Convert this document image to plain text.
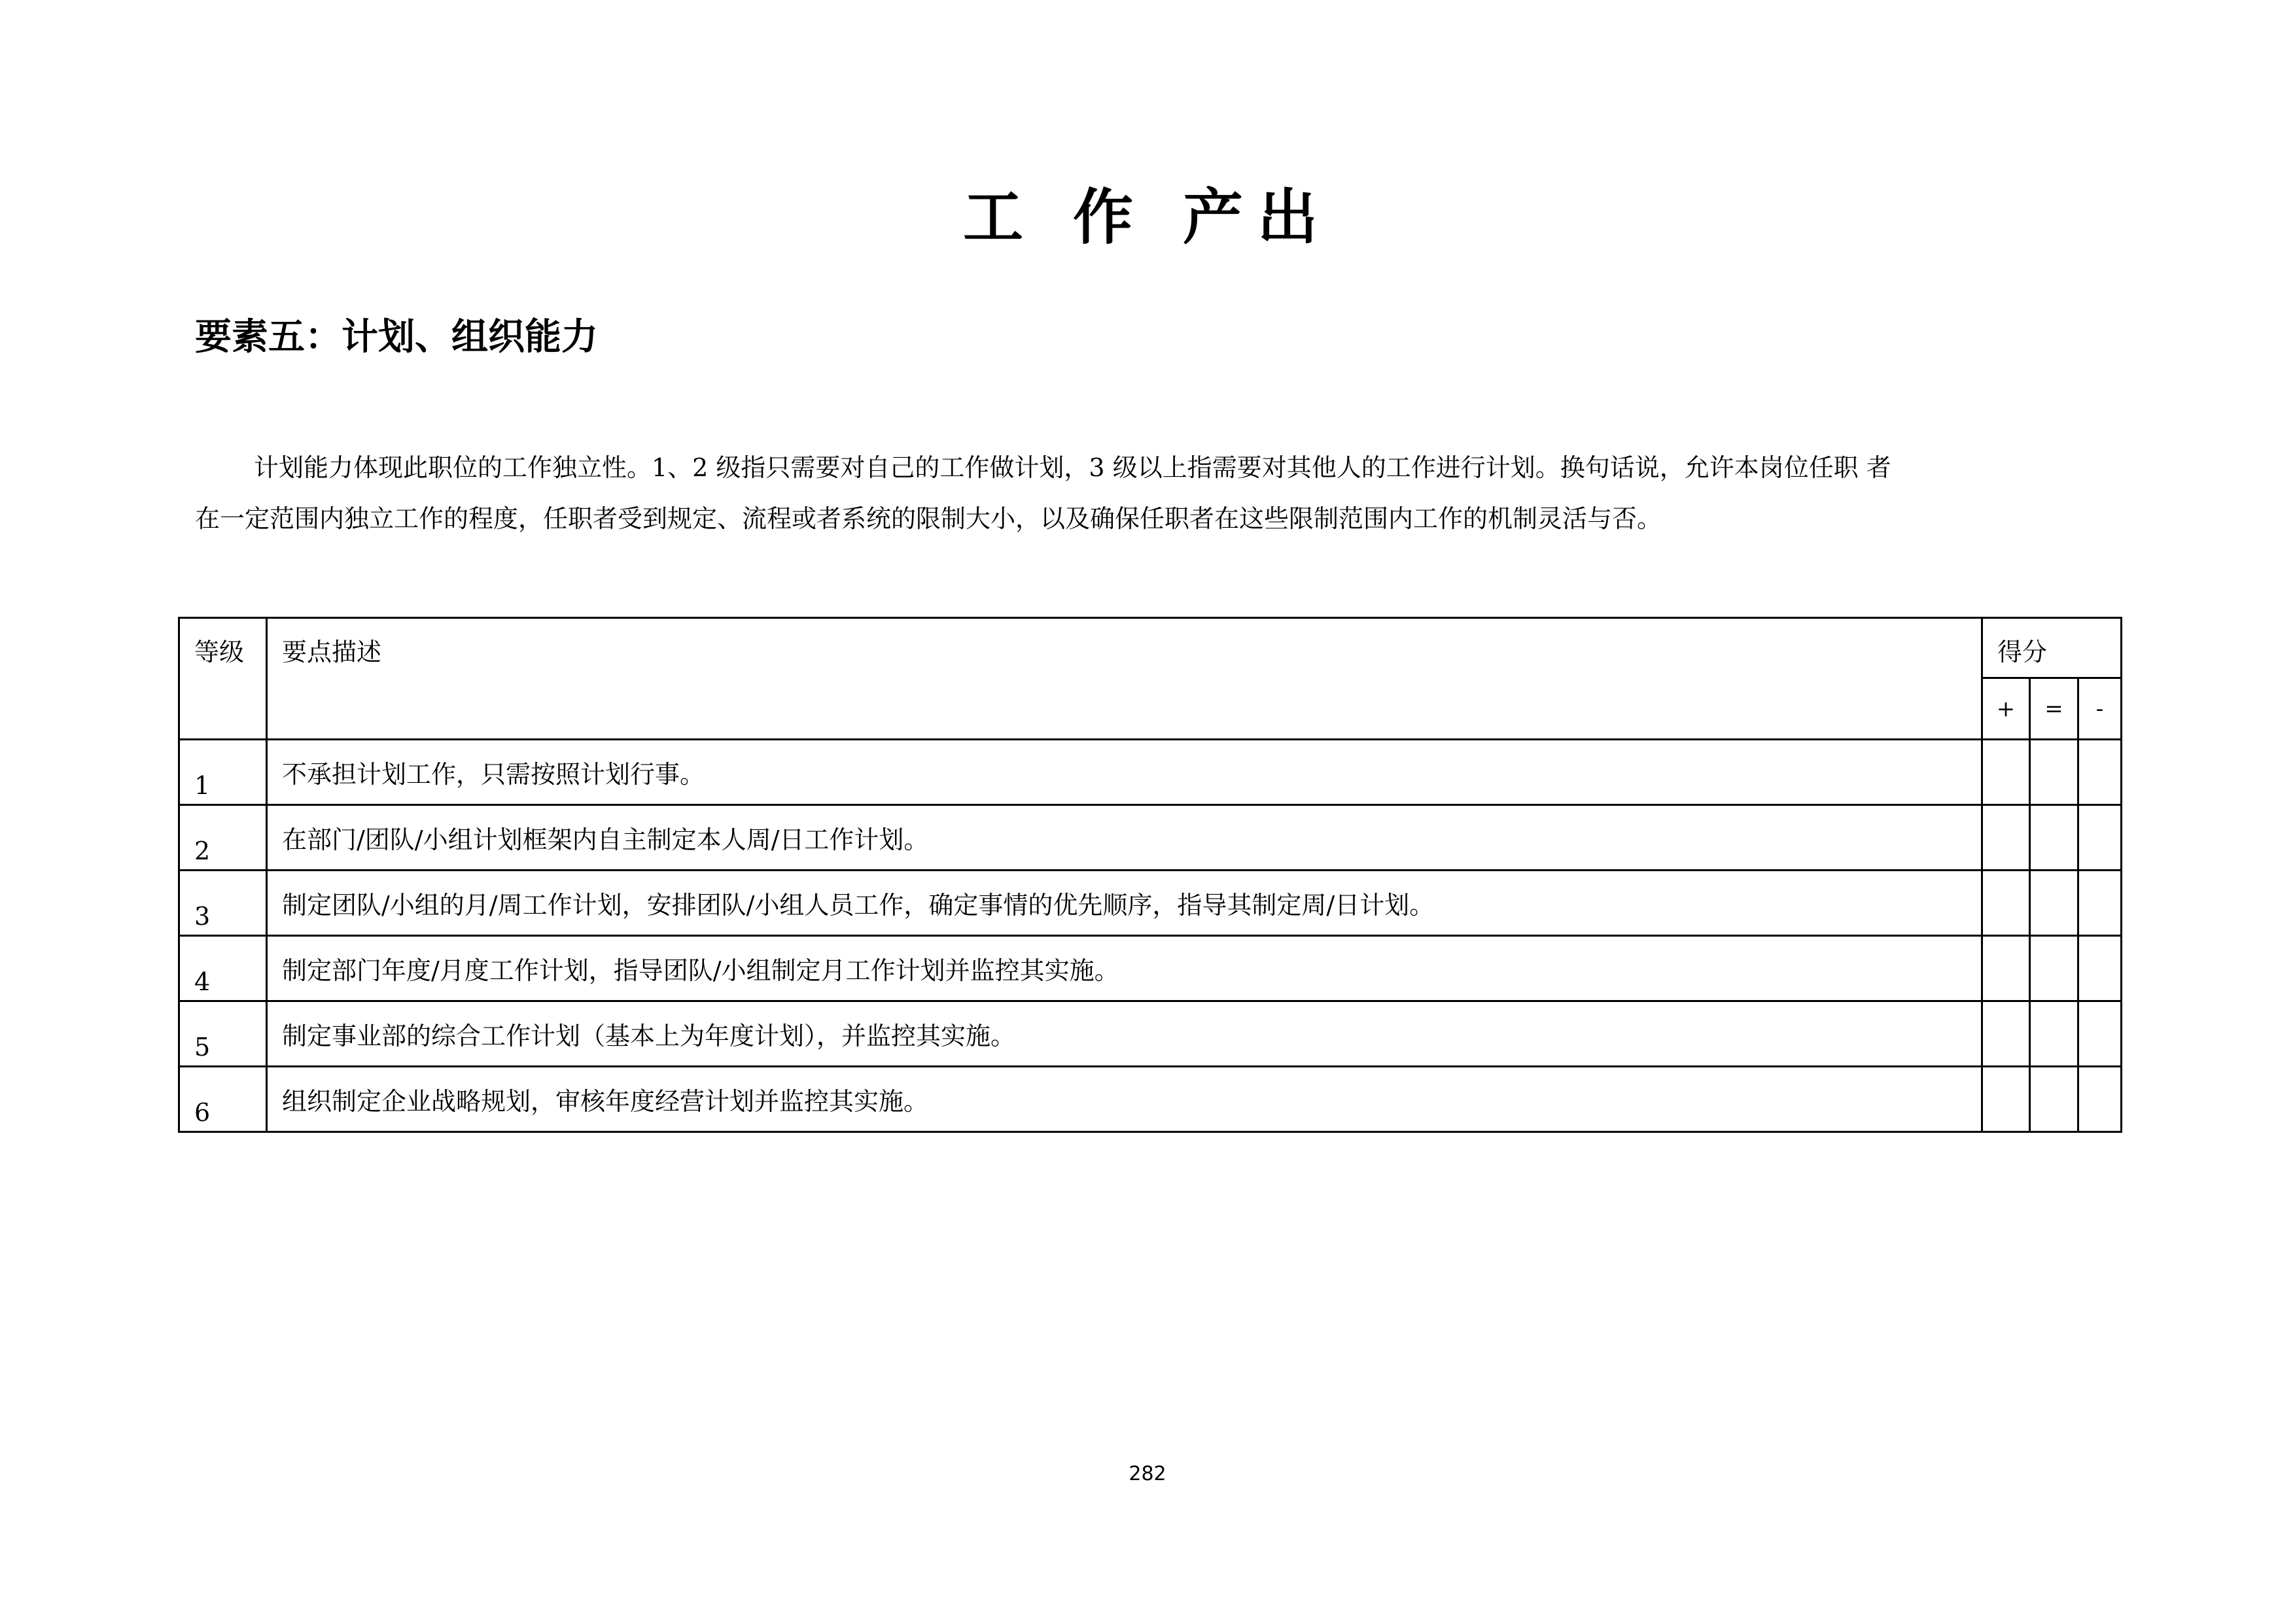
工 作 产出
要素五：计划、组织能力

计划能力体现此职位的工作独立性。1、2 级指只需要对自己的工作做计划，3 级以上指需要对其他人的工作进行计划。换句话说，允许本岗位任职 者
在一定范围内独立工作的程度，任职者受到规定、流程或者系统的限制大小，以及确保任职者在这些限制范围内工作的机制灵活与否。

等级	要点描述	得分		
		+	=	-
1	不承担计划工作，只需按照计划行事。			
2	在部门/团队/小组计划框架内自主制定本人周/日工作计划。			
3	制定团队/小组的月/周工作计划，安排团队/小组人员工作，确定事情的优先顺序，指导其制定周/日计划。			
4	制定部门年度/月度工作计划，指导团队/小组制定月工作计划并监控其实施。			
5	制定事业部的综合工作计划（基本上为年度计划），并监控其实施。			
6	组织制定企业战略规划，审核年度经营计划并监控其实施。			

282
